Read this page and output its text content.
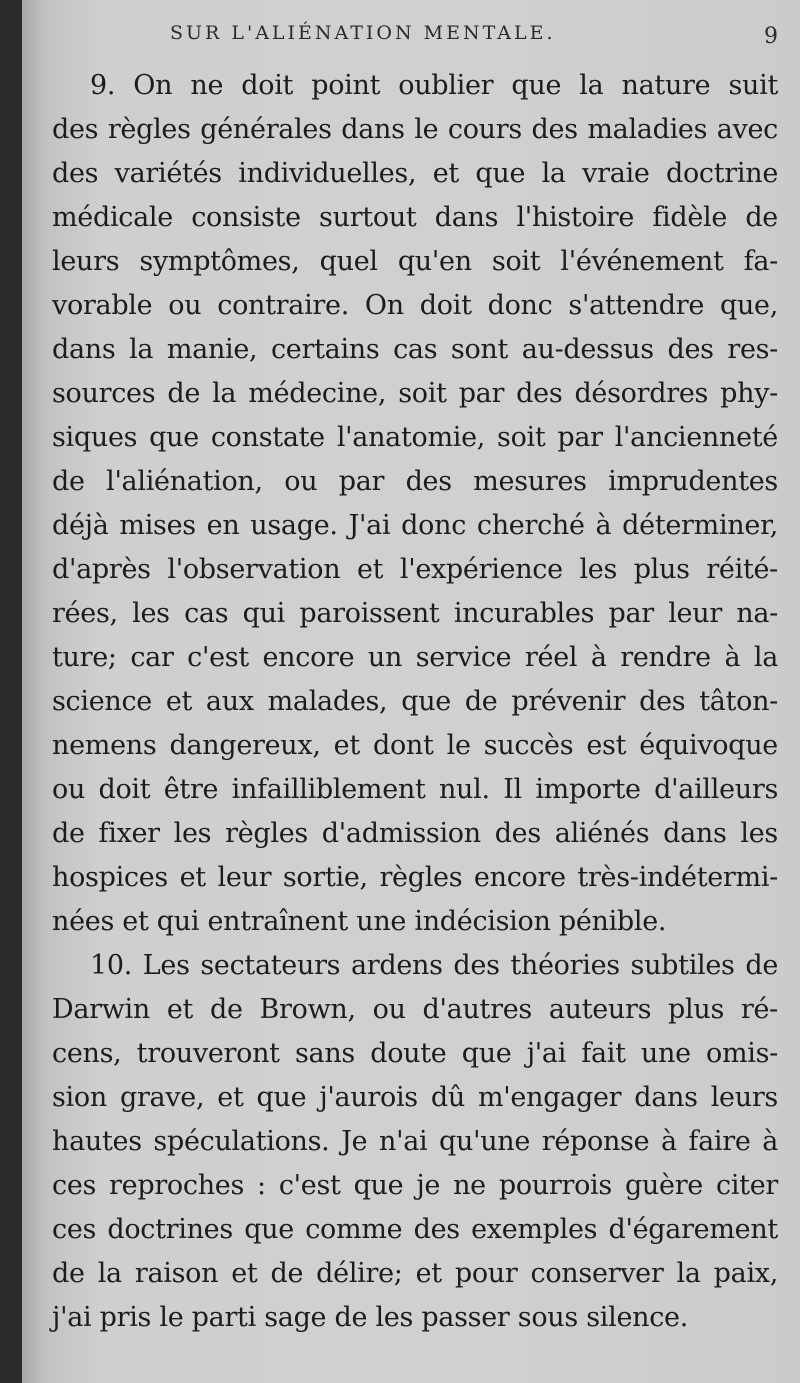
SUR L'ALIÉNATION MENTALE.	9
9. On ne doit point oublier que la nature suit
des règles générales dans le cours des maladies avec
des variétés individuelles, et que la vraie doctrine
médicale consiste surtout dans l'histoire fidèle de
leurs symptômes, quel qu'en soit l'événement fa-
vorable ou contraire. On doit donc s'attendre que,
dans la manie, certains cas sont au-dessus des res-
sources de la médecine, soit par des désordres phy-
siques que constate l'anatomie, soit par l'ancienneté
de l'aliénation, ou par des mesures imprudentes
déjà mises en usage. J'ai donc cherché à déterminer,
d'après l'observation et l'expérience les plus réité-
rées, les cas qui paroissent incurables par leur na-
ture; car c'est encore un service réel à rendre à la
science et aux malades, que de prévenir des tâton-
nemens dangereux, et dont le succès est équivoque
ou doit être infailliblement nul. Il importe d'ailleurs
de fixer les règles d'admission des aliénés dans les
hospices et leur sortie, règles encore très-indétermi-
nées et qui entraînent une indécision pénible.
10. Les sectateurs ardens des théories subtiles de
Darwin et de Brown, ou d'autres auteurs plus ré-
cens, trouveront sans doute que j'ai fait une omis-
sion grave, et que j'aurois dû m'engager dans leurs
hautes spéculations. Je n'ai qu'une réponse à faire à
ces reproches : c'est que je ne pourrois guère citer
ces doctrines que comme des exemples d'égarement
de la raison et de délire; et pour conserver la paix,
j'ai pris le parti sage de les passer sous silence.
